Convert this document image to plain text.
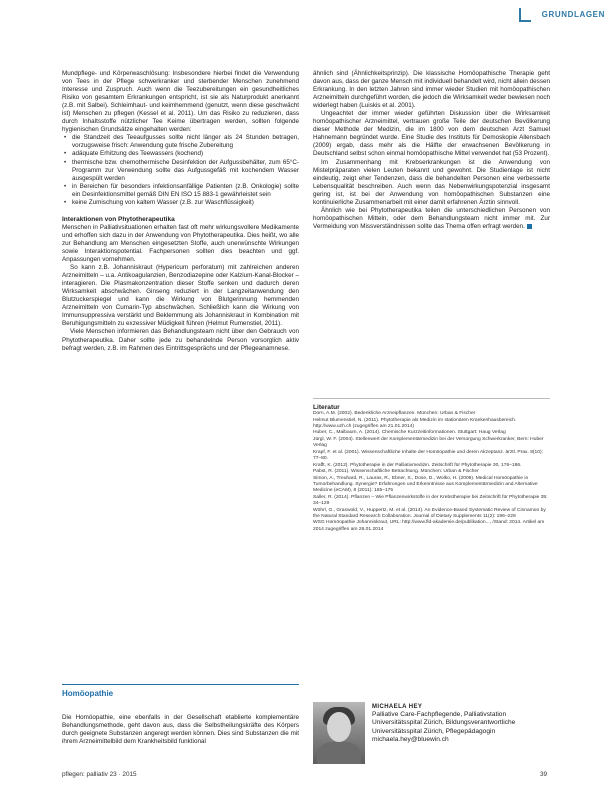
GRUNDLAGEN

Mundpflege- und Körperwaschlösung: Insbesondere hierbei findet die Verwendung von Tees in der Pflege schwerkranker und sterbender Menschen zunehmend Interesse und Zuspruch. Auch wenn die Teezubereitungen ein gesundheitliches Risiko von gesamtem Erkrankungen entspricht, ist sie als Naturprodukt anerkannt (z.B. mit Salbei). Schleimhaut- und keimhemmend (genutzt, wenn diese geschwächt ist) Menschen zu pflegen (Kessel et al. 2011). Um das Risiko zu reduzieren, dass durch Inhaltsstoffe nützlicher Tee Keime übertragen werden, sollten folgende hygienischen Grundsätze eingehalten werden:

• die Standzeit des Teeaufgusses sollte nicht länger als 24 Stunden betragen, vorzugsweise frisch: Anwendung gute frische Zubereitung
• adäquate Erhitzung des Teewassers (kochend)
• thermische bzw. chemothermische Desinfektion der Aufgussbehälter, zum 65°C-Programm zur Verwendung sollte das Aufgussgefäß mit kochendem Wasser ausgespült werden
• in Bereichen für besonders infektionsanfällige Patienten (z.B. Onkologie) sollte ein Desinfektionsmittel gemäß DIN EN ISO 15 883-1 gewährleistet sein
• keine Zumischung von kaltem Wasser (z.B. zur Waschflüssigkeit)
Interaktionen von Phytotherapeutika

Menschen in Palliativsituationen erhalten fast oft mehr wirkungsvollere Medikamente und erhoffen sich dazu in der Anwendung von Phytotherapeutika. Dies heißt, wo alle zur Behandlung am Menschen eingesetzten Stoffe, auch unerwünschte Wirkungen sowie Interaktionspotential. Fachpersonen sollten dies beachten und ggf. Anpassungen vornehmen.

So kann z.B. Johanniskraut (Hypericum perforatum) mit zahlreichen anderen Arzneimitteln – u.a. Antikoagulanzien, Benzodiazepine oder Kalzium-Kanal-Blocker – interagieren. Die Plasmakonzentration dieser Stoffe senken und dadurch deren Wirksamkeit abschwächen. Ginseng reduziert in der Langzeitanwendung den Blutzuckerspiegel und kann die Wirkung von Blutgerinnung hemmenden Arzneimitteln von Cumarin-Typ abschwächen. Schließlich kann die Wirkung von Immunsuppressiva verstärkt und Beklemmung als Johanniskraut in Kombination mit Beruhigungsmitteln zu exzessiver Müdigkeit führen (Helmut Rumenstiel, 2011).

Viele Menschen informieren das Behandlungsteam nicht über den Gebrauch von Phytotherapeutika. Daher sollte jede zu behandelnde Person vorsorglich aktiv befragt werden, z.B. im Rahmen des Eintrittsgesprächs und der Pflegeanamnese.

ähnlich sind (Ähnlichkeitsprinzip). Die klassische Homöopathische Therapie geht davon aus, dass der ganze Mensch mit individuell behandelt wird, nicht allein dessen Erkrankung. In den letzten Jahren sind immer wieder Studien mit homöopathischen Arzneimitteln durchgeführt worden, die jedoch die Wirksamkeit weder bewiesen noch widerlegt haben (Luiskis et al. 2001).

Ungeachtet der immer wieder geführten Diskussion über die Wirksamkeit homöopathischer Arzneimittel, vertrauen große Teile der deutschen Bevölkerung dieser Methode der Medizin, die im 1800 von dem deutschen Arzt Samuel Hahnemann begründet wurde. Eine Studie des Instituts für Demoskopie Allensbach (2009) ergab, dass mehr als die Hälfte der erwachsenen Bevölkerung in Deutschland selbst schon einmal homöopathische Mittel verwendet hat (53 Prozent).

Im Zusammenhang mit Krebserkrankungen ist die Anwendung von Mistelpräparaten vielen Leuten bekannt und gewohnt. Die Studienlage ist nicht eindeutig, zeigt eher Tendenzen, dass die behandelten Personen eine verbesserte Lebensqualität beschreiben. Auch wenn das Nebenwirkungspotenzial insgesamt gering ist, ist bei der Anwendung von homöopathischen Substanzen eine kontinuierliche Zusammenarbeit mit einer damit erfahrenen Ärztin sinnvoll.

Ähnlich wie bei Phytotherapeutika teilen die unterschiedlichen Personen von homöopathischen Mitteln, oder dem Behandlungsteam nicht immer mit. Zur Vermeidung von Missverständnissen sollte das Thema offen erfragt werden.

Literatur
Dorn, A.M. (2002). Bedenkliche Arzneipflanzen. München: Urban & Fischer
Helmut Blumenstiel, N. (2011). Phytotherapie als Medizin im stationären Krankenhausbereich. http://www.uzh.ch (zugegriffen am 21.01.2014)
Huber, C., Maibaum, A. (2014). Chemische Kurzzeitinformationen. Stuttgart: Haug Verlag
Jürgl, W. F. (2004). Stellenwert der Komplementärmedizin bei der Versorgung Schwerkranker, Bern: Huber Verlag
Krapf, F. et al. (2001). Wissenschaftliche Inhalte der Homöopathie und deren Akzeptanz. ärztl. Prax. 8(10): 77–80.
Krafft, K. (2012). Phytotherapie in der Palliativmedizin. Zeitschrift für Phytotherapie 30, 176–186.
Pabst, R. (2011). Wissenschaftliche Betrachtung. München: Urban & Fischer
Simon, A., Treuhard, R., Lauras, R., Ebner, S., Dose, D., Wolko, H. (2009). Medical Homöopathie in Tumorbehandlung. Synergie? Erfahrungen und Erkenntnisse aus Komplementärmedizin and Alternative Medicine (eCAM), 8 (2011): 165–175
Saller, R. (2014). Pflanzen – Wie Pflanzenwirkstoffe in der Krebstherapie bei Zeitschrift für Phytotherapie 35: 34–129
Wöhrl, G., Graswold, V., Huppertz, M. et al. (2014). An Evidence-Based Systematic Review of Cinnamon by the Natural Standard Research Collaboration. Journal of Dietary Supplements 11(2): 196–229
WSG Homöopathie Johanniskraut, URL: http://www.fld-akademie.de/publikation..., /Stand: 2014. Artikel am 2014 zugegriffen am 26.01.2014
Homöopathie
Die Homöopathie, eine ebenfalls in der Gesellschaft etablierte komplementäre Behandlungsmethode, geht davon aus, dass die Selbstheilungskräfte des Körpers durch geeignete Substanzen angeregt werden können. Dies sind Substanzen die mit ihrem Arzneimittelbild dem Krankheitsbild funktional
MICHAELA HEY
Palliative Care-Fachpflegende, Palliativstation
Universitätsspital Zürich, Bildungsverantwortliche
Universitätsspital Zürich, Pflegepädagogin
michaela.hey@bluewin.ch
pflegen: palliativ 23 · 2015	39
